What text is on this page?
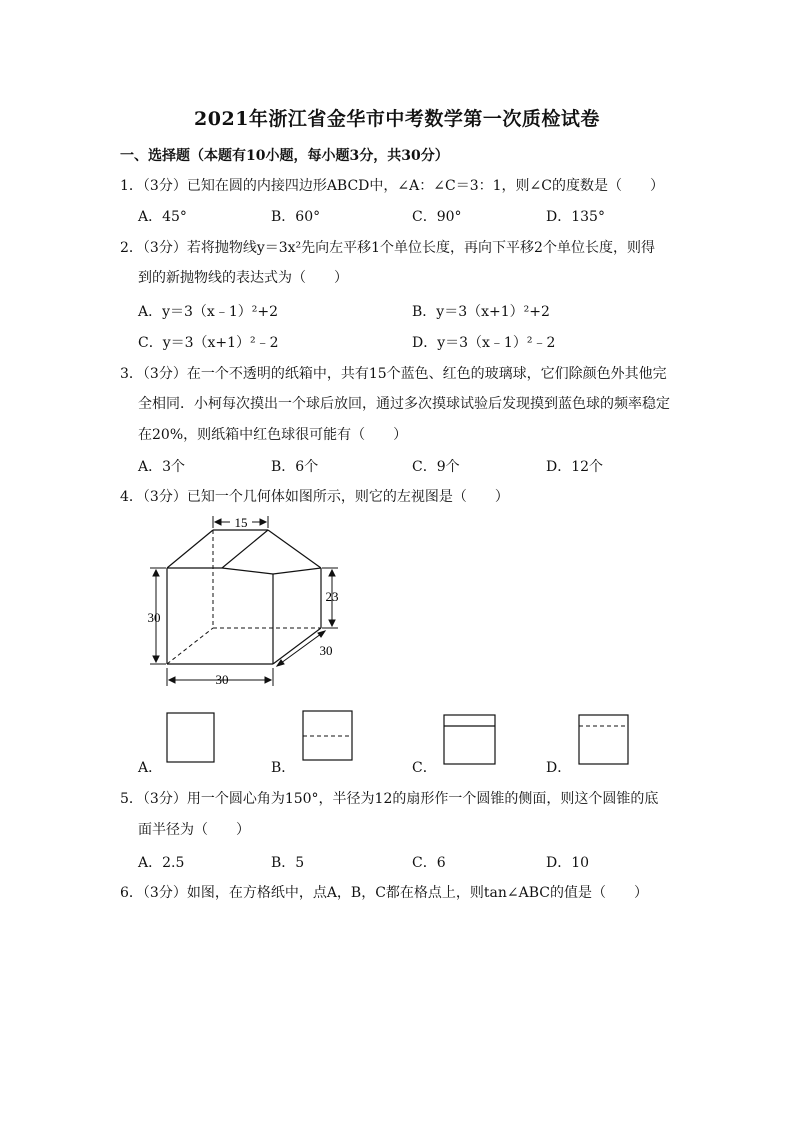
2021年浙江省金华市中考数学第一次质检试卷
一、选择题（本题有10小题，每小题3分，共30分）
1．（3分）已知在圆的内接四边形ABCD中，∠A：∠C＝3：1，则∠C的度数是（　　）
A．45°	B．60°	C．90°	D．135°
2．（3分）若将抛物线y＝3x²先向左平移1个单位长度，再向下平移2个单位长度，则得
到的新抛物线的表达式为（　　）
A．y＝3（x﹣1）²+2	B．y＝3（x+1）²+2
C．y＝3（x+1）²﹣2	D．y＝3（x﹣1）²﹣2
3．（3分）在一个不透明的纸箱中，共有15个蓝色、红色的玻璃球，它们除颜色外其他完
全相同．小柯每次摸出一个球后放回，通过多次摸球试验后发现摸到蓝色球的频率稳定
在20%，则纸箱中红色球很可能有（　　）
A．3个	B．6个	C．9个	D．12个
4．（3分）已知一个几何体如图所示，则它的左视图是（　　）
15
23
30
30
30
A．	B．	C．	D．
5．（3分）用一个圆心角为150°，半径为12的扇形作一个圆锥的侧面，则这个圆锥的底
面半径为（　　）
A．2.5	B．5	C．6	D．10
6．（3分）如图，在方格纸中，点A，B，C都在格点上，则tan∠ABC的值是（　　）
